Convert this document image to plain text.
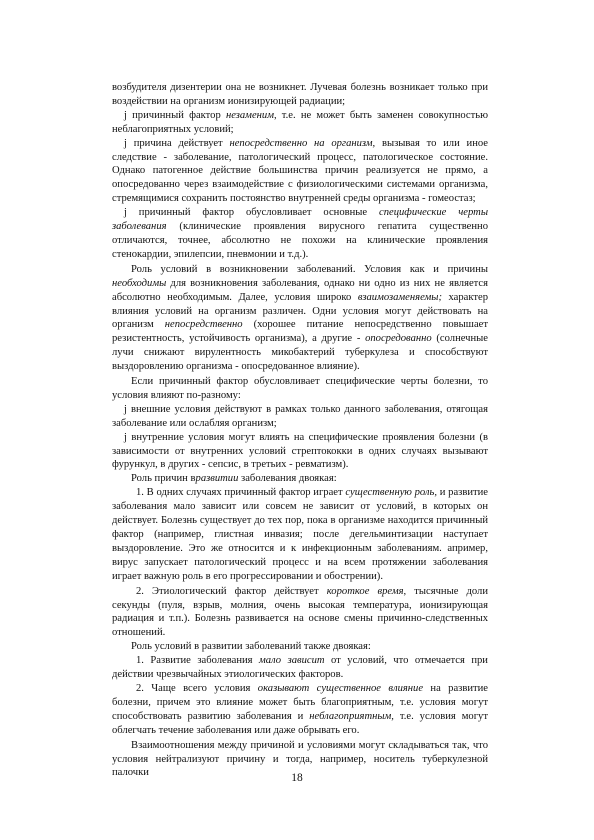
возбудителя дизентерии она не возникнет. Лучевая болезнь возникает только при воздействии на организм ионизирующей радиации;

j причинный фактор незаменим, т.е. не может быть заменен совокупностью неблагоприятных условий;

j причина действует непосредственно на организм, вызывая то или иное следствие - заболевание, патологический процесс, патологическое состояние. Однако патогенное действие большинства причин реализуется не прямо, а опосредованно через взаимодействие с физиологическими системами организма, стремящимися сохранить постоянство внутренней среды организма - гомеостаз;

j причинный фактор обусловливает основные специфические черты заболевания (клинические проявления вирусного гепатита существенно отличаются, точнее, абсолютно не похожи на клинические проявления стенокардии, эпилепсии, пневмонии и т.д.).

Роль условий в возникновении заболеваний. Условия как и причины необходимы для возникновения заболевания, однако ни одно из них не является абсолютно необходимым. Далее, условия широко взаимозаменяемы; характер влияния условий на организм различен. Одни условия могут действовать на организм непосредственно (хорошее питание непосредственно повышает резистентность, устойчивость организма), а другие - опосредованно (солнечные лучи снижают вирулентность микобактерий туберкулеза и способствуют выздоровлению организма - опосредованное влияние).

Если причинный фактор обусловливает специфические черты болезни, то условия влияют по-разному:

j внешние условия действуют в рамках только данного заболевания, отягощая заболевание или ослабляя организм;

j внутренние условия могут влиять на специфические проявления болезни (в зависимости от внутренних условий стрептококки в одних случаях вызывают фурункул, в других - сепсис, в третьих - ревматизм).

Роль причин вразвитии заболевания двоякая:

1. В одних случаях причинный фактор играет существенную роль, и развитие заболевания мало зависит или совсем не зависит от условий, в которых он действует. Болезнь существует до тех пор, пока в организме находится причинный фактор (например, глистная инвазия; после дегельминтизации наступает выздоровление. Это же относится и к инфекционным заболеваниям. апример, вирус запускает патологический процесс и на всем протяжении заболевания играет важную роль в его прогрессировании и обострении).

2. Этиологический фактор действует короткое время, тысячные доли секунды (пуля, взрыв, молния, очень высокая температура, ионизирующая радиация и т.п.). Болезнь развивается на основе смены причинно-следственных отношений.

Роль условий в развитии заболеваний также двоякая:

1. Развитие заболевания мало зависит от условий, что отмечается при действии чрезвычайных этиологических факторов.

2. Чаще всего условия оказывают существенное влияние на развитие болезни, причем это влияние может быть благоприятным, т.е. условия могут способствовать развитию заболевания и неблагоприятным, т.е. условия могут облегчать течение заболевания или даже обрывать его.

Взаимоотношения между причиной и условиями могут складываться так, что условия нейтрализуют причину и тогда, например, носитель туберкулезной палочки	18
